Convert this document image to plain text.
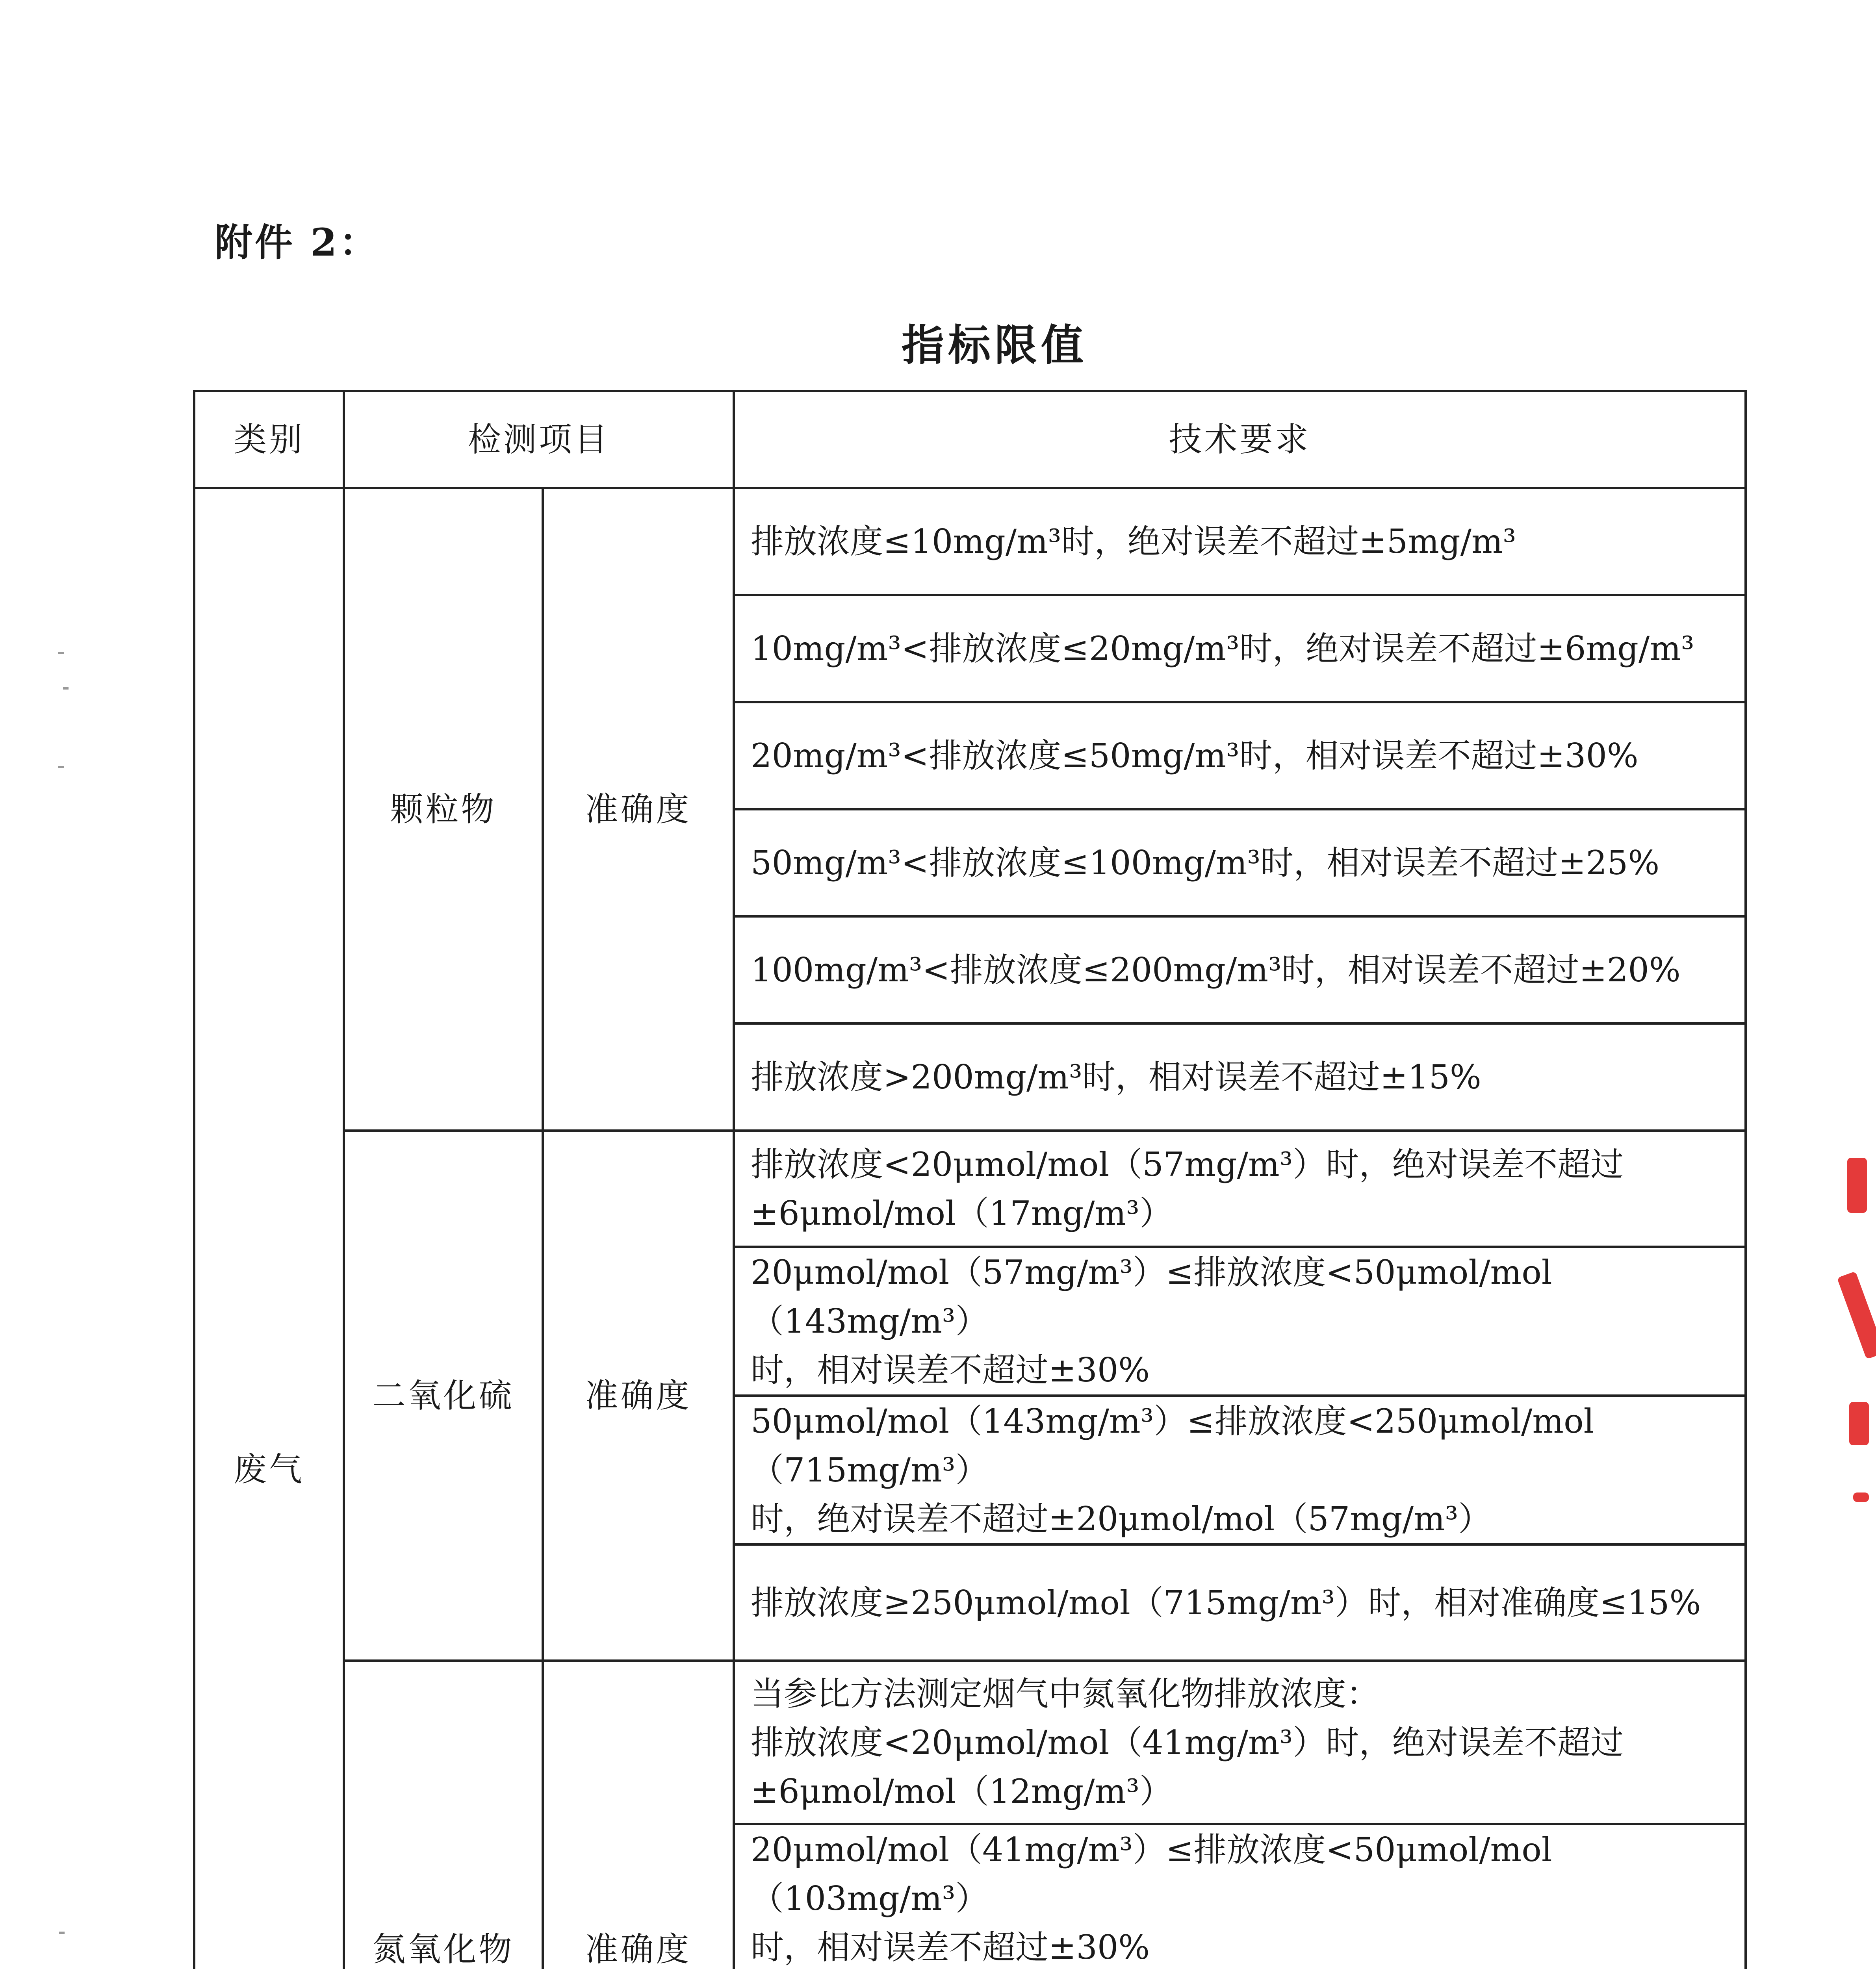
附件 2：
指标限值
类别	检测项目		技术要求
废气	颗粒物	准确度	排放浓度≤10mg/m³时，绝对误差不超过±5mg/m³
			10mg/m³<排放浓度≤20mg/m³时，绝对误差不超过±6mg/m³
			20mg/m³<排放浓度≤50mg/m³时，相对误差不超过±30%
			50mg/m³<排放浓度≤100mg/m³时，相对误差不超过±25%
			100mg/m³<排放浓度≤200mg/m³时，相对误差不超过±20%
			排放浓度>200mg/m³时，相对误差不超过±15%
	二氧化硫	准确度	排放浓度<20μmol/mol（57mg/m³）时，绝对误差不超过
±6μmol/mol（17mg/m³）
			20μmol/mol（57mg/m³）≤排放浓度<50μmol/mol（143mg/m³）
时，相对误差不超过±30%
			50μmol/mol（143mg/m³）≤排放浓度<250μmol/mol（715mg/m³）
时，绝对误差不超过±20μmol/mol（57mg/m³）
			排放浓度≥250μmol/mol（715mg/m³）时，相对准确度≤15%
	氮氧化物	准确度	当参比方法测定烟气中氮氧化物排放浓度：
排放浓度<20μmol/mol（41mg/m³）时，绝对误差不超过
±6μmol/mol（12mg/m³）
			20μmol/mol（41mg/m³）≤排放浓度<50μmol/mol（103mg/m³）
时，相对误差不超过±30%
